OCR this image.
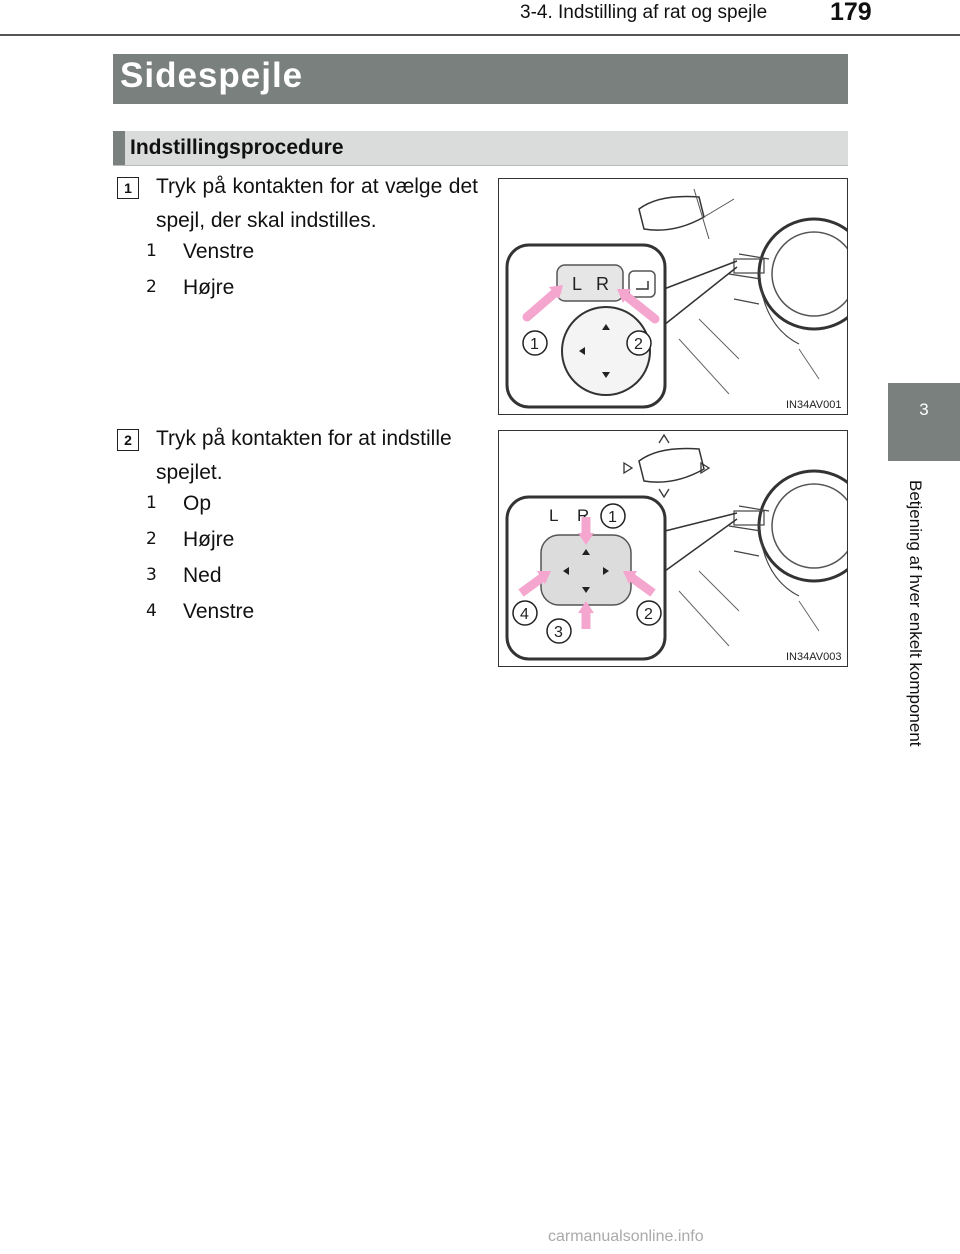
3-4. Indstilling af rat og spejle	179
3
Betjening af hver enkelt komponent
Sidespejle
Indstillingsprocedure
1	Tryk på kontakten for at vælge det spejl, der skal indstilles.
1 Venstre
2 Højre	L R
1	2
IN34AV001
2	Tryk på kontakten for at indstille spejlet.
1 Op
2 Højre
3 Ned
4 Venstre
L R 1
2
3
4
IN34AV003
carmanualsonline.info
